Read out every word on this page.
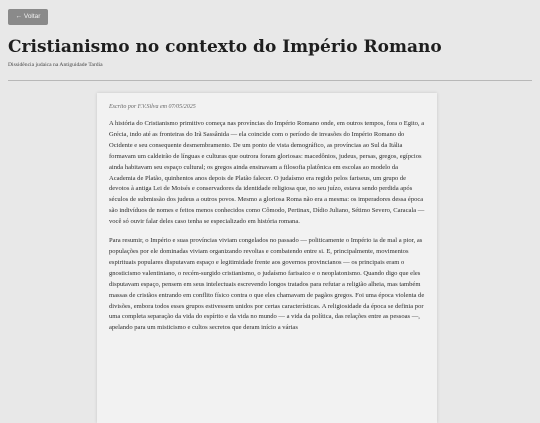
← Voltar
Cristianismo no contexto do Império Romano

Dissidência judaica na Antiguidade Tardia

Escrito por F.V.Silva em 07/05/2025

A história do Cristianismo primitivo começa nas províncias do Império Romano onde, em outros tempos, fora o Egito, a Grécia, indo até as fronteiras do Irã Sassânida — ela coincide com o período de invasões do Império Romano do Ocidente e seu consequente desmembramento. De um ponto de vista demográfico, as províncias ao Sul da Itália formavam um caldeirão de línguas e culturas que outrora foram gloriosas: macedônios, judeus, persas, gregos, egípcios ainda habitavam seu espaço cultural; os gregos ainda ensinavam a filosofia platônica em escolas ao modelo da Academia de Platão, quinhentos anos depois de Platão falecer. O judaísmo era regido pelos fariseus, um grupo de devotos à antiga Lei de Moisés e conservadores da identidade religiosa que, no seu juízo, estava sendo perdida após séculos de submissão dos judeus a outros povos. Mesmo a gloriosa Roma não era a mesma: os imperadores dessa época são indivíduos de nomes e feitos menos conhecidos como Cômodo, Pertinax, Dídio Juliano, Sétimo Severo, Caracala — você só ouvir falar deles caso tenha se especializado em história romana.

Para resumir, o Império e suas províncias viviam congelados no passado — politicamente o Império ia de mal a pior, as populações por ele dominadas viviam organizando revoltas e combatendo entre si. E, principalmente, movimentos espirituais populares disputavam espaço e legitimidade frente aos governos provincianos — os principais eram o gnosticismo valentiniano, o recém-surgido cristianismo, o judaísmo farisaico e o neoplatonismo. Quando digo que eles disputavam espaço, pensem em seus intelectuais escrevendo longos tratados para refutar a religião alheia, mas também massas de cristãos entrando em conflito físico contra o que eles chamavam de pagãos gregos. Foi uma época violenta de divisões, embora todos esses grupos estivessem unidos por certas características. A religiosidade da época se definia por uma completa separação da vida do espírito e da vida no mundo — a vida da política, das relações entre as pessoas —, apelando para um misticismo e cultos secretos que deram início a várias
